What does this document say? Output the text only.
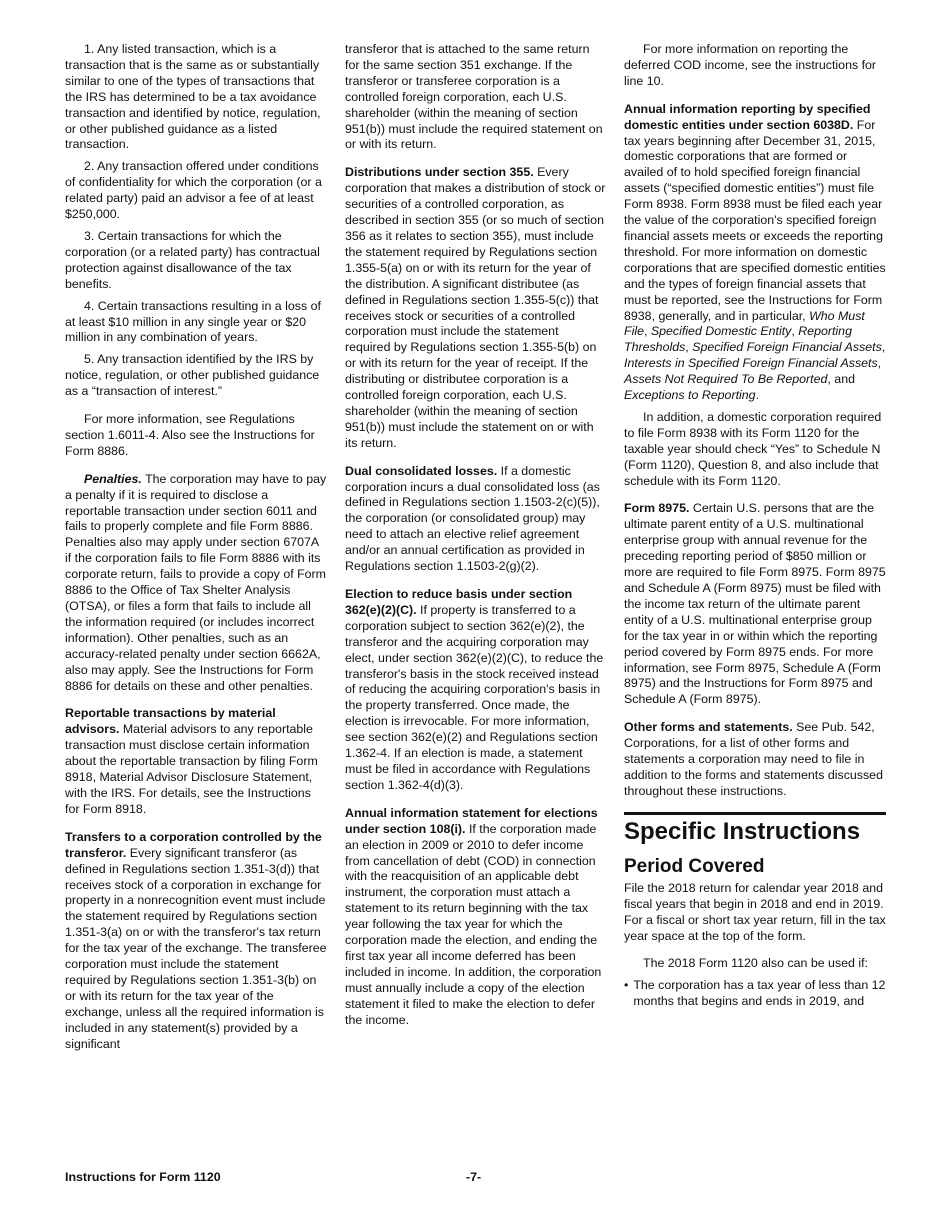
1. Any listed transaction, which is a transaction that is the same as or substantially similar to one of the types of transactions that the IRS has determined to be a tax avoidance transaction and identified by notice, regulation, or other published guidance as a listed transaction.

2. Any transaction offered under conditions of confidentiality for which the corporation (or a related party) paid an advisor a fee of at least $250,000.

3. Certain transactions for which the corporation (or a related party) has contractual protection against disallowance of the tax benefits.

4. Certain transactions resulting in a loss of at least $10 million in any single year or $20 million in any combination of years.

5. Any transaction identified by the IRS by notice, regulation, or other published guidance as a “transaction of interest.”

For more information, see Regulations section 1.6011-4. Also see the Instructions for Form 8886.

Penalties. The corporation may have to pay a penalty if it is required to disclose a reportable transaction under section 6011 and fails to properly complete and file Form 8886. Penalties also may apply under section 6707A if the corporation fails to file Form 8886 with its corporate return, fails to provide a copy of Form 8886 to the Office of Tax Shelter Analysis (OTSA), or files a form that fails to include all the information required (or includes incorrect information). Other penalties, such as an accuracy-related penalty under section 6662A, also may apply. See the Instructions for Form 8886 for details on these and other penalties.

Reportable transactions by material advisors. Material advisors to any reportable transaction must disclose certain information about the reportable transaction by filing Form 8918, Material Advisor Disclosure Statement, with the IRS. For details, see the Instructions for Form 8918.

Transfers to a corporation controlled by the transferor. Every significant transferor (as defined in Regulations section 1.351-3(d)) that receives stock of a corporation in exchange for property in a nonrecognition event must include the statement required by Regulations section 1.351-3(a) on or with the transferor's tax return for the tax year of the exchange. The transferee corporation must include the statement required by Regulations section 1.351-3(b) on or with its return for the tax year of the exchange, unless all the required information is included in any statement(s) provided by a significant

transferor that is attached to the same return for the same section 351 exchange. If the transferor or transferee corporation is a controlled foreign corporation, each U.S. shareholder (within the meaning of section 951(b)) must include the required statement on or with its return.

Distributions under section 355. Every corporation that makes a distribution of stock or securities of a controlled corporation, as described in section 355 (or so much of section 356 as it relates to section 355), must include the statement required by Regulations section 1.355-5(a) on or with its return for the year of the distribution. A significant distributee (as defined in Regulations section 1.355-5(c)) that receives stock or securities of a controlled corporation must include the statement required by Regulations section 1.355-5(b) on or with its return for the year of receipt. If the distributing or distributee corporation is a controlled foreign corporation, each U.S. shareholder (within the meaning of section 951(b)) must include the statement on or with its return.

Dual consolidated losses. If a domestic corporation incurs a dual consolidated loss (as defined in Regulations section 1.1503-2(c)(5)), the corporation (or consolidated group) may need to attach an elective relief agreement and/or an annual certification as provided in Regulations section 1.1503-2(g)(2).

Election to reduce basis under section 362(e)(2)(C). If property is transferred to a corporation subject to section 362(e)(2), the transferor and the acquiring corporation may elect, under section 362(e)(2)(C), to reduce the transferor's basis in the stock received instead of reducing the acquiring corporation's basis in the property transferred. Once made, the election is irrevocable. For more information, see section 362(e)(2) and Regulations section 1.362-4. If an election is made, a statement must be filed in accordance with Regulations section 1.362-4(d)(3).

Annual information statement for elections under section 108(i). If the corporation made an election in 2009 or 2010 to defer income from cancellation of debt (COD) in connection with the reacquisition of an applicable debt instrument, the corporation must attach a statement to its return beginning with the tax year following the tax year for which the corporation made the election, and ending the first tax year all income deferred has been included in income. In addition, the corporation must annually include a copy of the election statement it filed to make the election to defer the income.

For more information on reporting the deferred COD income, see the instructions for line 10.

Annual information reporting by specified domestic entities under section 6038D. For tax years beginning after December 31, 2015, domestic corporations that are formed or availed of to hold specified foreign financial assets (“specified domestic entities”) must file Form 8938. Form 8938 must be filed each year the value of the corporation's specified foreign financial assets meets or exceeds the reporting threshold. For more information on domestic corporations that are specified domestic entities and the types of foreign financial assets that must be reported, see the Instructions for Form 8938, generally, and in particular, Who Must File, Specified Domestic Entity, Reporting Thresholds, Specified Foreign Financial Assets, Interests in Specified Foreign Financial Assets, Assets Not Required To Be Reported, and Exceptions to Reporting.

In addition, a domestic corporation required to file Form 8938 with its Form 1120 for the taxable year should check “Yes” to Schedule N (Form 1120), Question 8, and also include that schedule with its Form 1120.

Form 8975. Certain U.S. persons that are the ultimate parent entity of a U.S. multinational enterprise group with annual revenue for the preceding reporting period of $850 million or more are required to file Form 8975. Form 8975 and Schedule A (Form 8975) must be filed with the income tax return of the ultimate parent entity of a U.S. multinational enterprise group for the tax year in or within which the reporting period covered by Form 8975 ends. For more information, see Form 8975, Schedule A (Form 8975) and the Instructions for Form 8975 and Schedule A (Form 8975).

Other forms and statements. See Pub. 542, Corporations, for a list of other forms and statements a corporation may need to file in addition to the forms and statements discussed throughout these instructions.

Specific Instructions
Period Covered

File the 2018 return for calendar year 2018 and fiscal years that begin in 2018 and end in 2019. For a fiscal or short tax year return, fill in the tax year space at the top of the form.

The 2018 Form 1120 also can be used if:

• The corporation has a tax year of less than 12 months that begins and ends in 2019, and
Instructions for Form 1120	-7-
